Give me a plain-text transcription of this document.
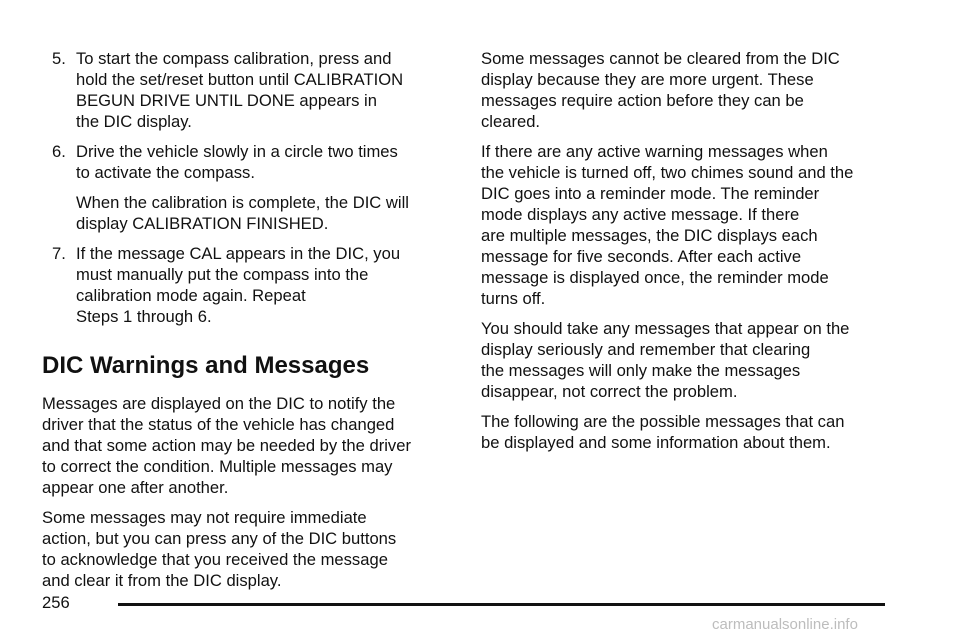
5. To start the compass calibration, press and
hold the set/reset button until CALIBRATION
BEGUN DRIVE UNTIL DONE appears in
the DIC display.
6. Drive the vehicle slowly in a circle two times
to activate the compass.
When the calibration is complete, the DIC will
display CALIBRATION FINISHED.
7. If the message CAL appears in the DIC, you
must manually put the compass into the
calibration mode again. Repeat
Steps 1 through 6.
DIC Warnings and Messages
Messages are displayed on the DIC to notify the
driver that the status of the vehicle has changed
and that some action may be needed by the driver
to correct the condition. Multiple messages may
appear one after another.
Some messages may not require immediate
action, but you can press any of the DIC buttons
to acknowledge that you received the message
and clear it from the DIC display.
Some messages cannot be cleared from the DIC
display because they are more urgent. These
messages require action before they can be
cleared.
If there are any active warning messages when
the vehicle is turned off, two chimes sound and the
DIC goes into a reminder mode. The reminder
mode displays any active message. If there
are multiple messages, the DIC displays each
message for five seconds. After each active
message is displayed once, the reminder mode
turns off.
You should take any messages that appear on the
display seriously and remember that clearing
the messages will only make the messages
disappear, not correct the problem.
The following are the possible messages that can
be displayed and some information about them.
256
carmanualsonline.info
